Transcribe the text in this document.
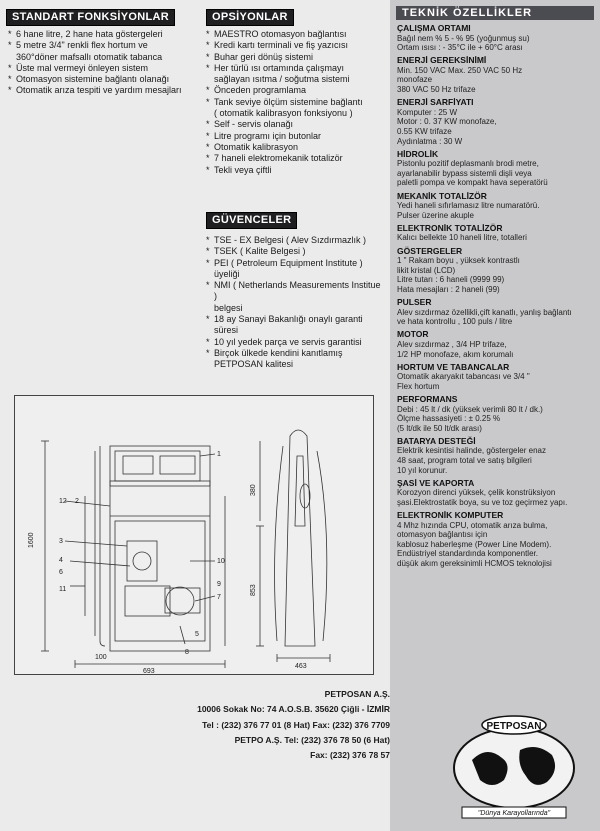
TEKNİK ÖZELLİKLER
ÇALIŞMA ORTAMI
Bağıl nem % 5 - % 95 (yoğunmuş su)
Ortam ısısı : - 35°C ile + 60°C arası
ENERJİ GEREKSİNİMİ
Min. 150 VAC Max. 250 VAC 50 Hz
monofaze
380 VAC 50 Hz trifaze
ENERJİ SARFİYATI
Komputer : 25 W
Motor : 0. 37 KW monofaze,
0.55 KW trifaze
Aydınlatma : 30 W
HİDROLİK
Pistonlu pozitif deplasmanlı brodi metre,
ayarlanabilir bypass sistemli dişli veya
paletli pompa ve kompakt hava seperatörü
MEKANİK TOTALİZÖR
Yedi haneli sıfırlamasız litre numaratörü.
Pulser üzerine akuple
ELEKTRONİK TOTALİZÖR
Kalıcı bellekte 10 haneli litre, totalleri
GÖSTERGELER
1 " Rakam boyu , yüksek kontrastlı
likit kristal (LCD)
Litre tutarı : 6 haneli (9999 99)
Hata mesajları : 2 haneli (99)
PULSER
Alev sızdırmaz özellikli,çift kanatlı, yanlış bağlantı
ve hata kontrollu , 100 puls / litre
MOTOR
Alev sızdırmaz , 3/4 HP trifaze,
1/2 HP monofaze, akım korumalı
HORTUM VE TABANCALAR
Otomatik akaryakıt tabancası ve 3/4 "
Flex hortum
PERFORMANS
Debi : 45 lt / dk (yüksek verimli 80 lt / dk.)
Ölçme hassasiyeti : ± 0.25 %
(5 lt/dk ile 50 lt/dk arası)
BATARYA DESTEĞİ
Elektrik kesintisi halinde, göstergeler enaz
48 saat, program total ve satış bilgileri
10 yıl korunur.
ŞASİ VE KAPORTA
Korozyon direnci yüksek, çelik konstrüksiyon
şasi.Elektrostatik boya, su ve toz geçirmez yapı.
ELEKTRONİK KOMPUTER
4 Mhz hızında CPU, otomatik arıza bulma,
otomasyon bağlantısı için
kablosuz haberleşme (Power Line Modem).
Endüstriyel standardında komponentler.
düşük akım gereksinimli HCMOS teknolojisi
STANDART FONKSİYONLAR
* 6 hane litre, 2 hane hata göstergeleri
* 5 metre 3/4" renkli flex hortum ve
360°döner mafsallı otomatik tabanca
* Üste mal vermeyi önleyen sistem
* Otomasyon sistemine bağlantı olanağı
* Otomatik arıza tespiti ve yardım mesajları
OPSİYONLAR
* MAESTRO otomasyon bağlantısı
* Kredi kartı terminali ve fiş yazıcısı
* Buhar geri dönüş sistemi
* Her türlü ısı ortamında çalışmayı
sağlayan ısıtma / soğutma sistemi
* Önceden programlama
* Tank seviye ölçüm sistemine bağlantı
( otomatik kalibrasyon fonksiyonu )
* Self - servis olanağı
* Litre programı için butonlar
* Otomatik kalibrasyon
* 7 haneli elektromekanik totalizör
* Tekli veya çiftli
GÜVENCELER
* TSE - EX Belgesi ( Alev Sızdırmazlık )
* TSEK ( Kalite Belgesi )
* PEI ( Petroleum Equipment Institute )
üyeliği
* NMI ( Netherlands Measurements Institue )
belgesi
* 18 ay Sanayi Bakanlığı onaylı garanti süresi
* 10 yıl yedek parça ve servis garantisi
* Birçok ülkede kendini kanıtlamış
PETPOSAN kalitesi
1600
100
693
463
853
380
12
1
2
3
4
6
10
11
9
7
8
5
PETPOSAN A.Ş.
10006 Sokak No: 74 A.O.S.B. 35620 Çiğli - İZMİR
Tel : (232) 376 77 01 (8 Hat) Fax: (232) 376 7709
PETPO A.Ş. Tel: (232) 376 78 50 (6 Hat)
Fax: (232) 376 78 57
PETPOSAN
"Dünya Karayollarında"
